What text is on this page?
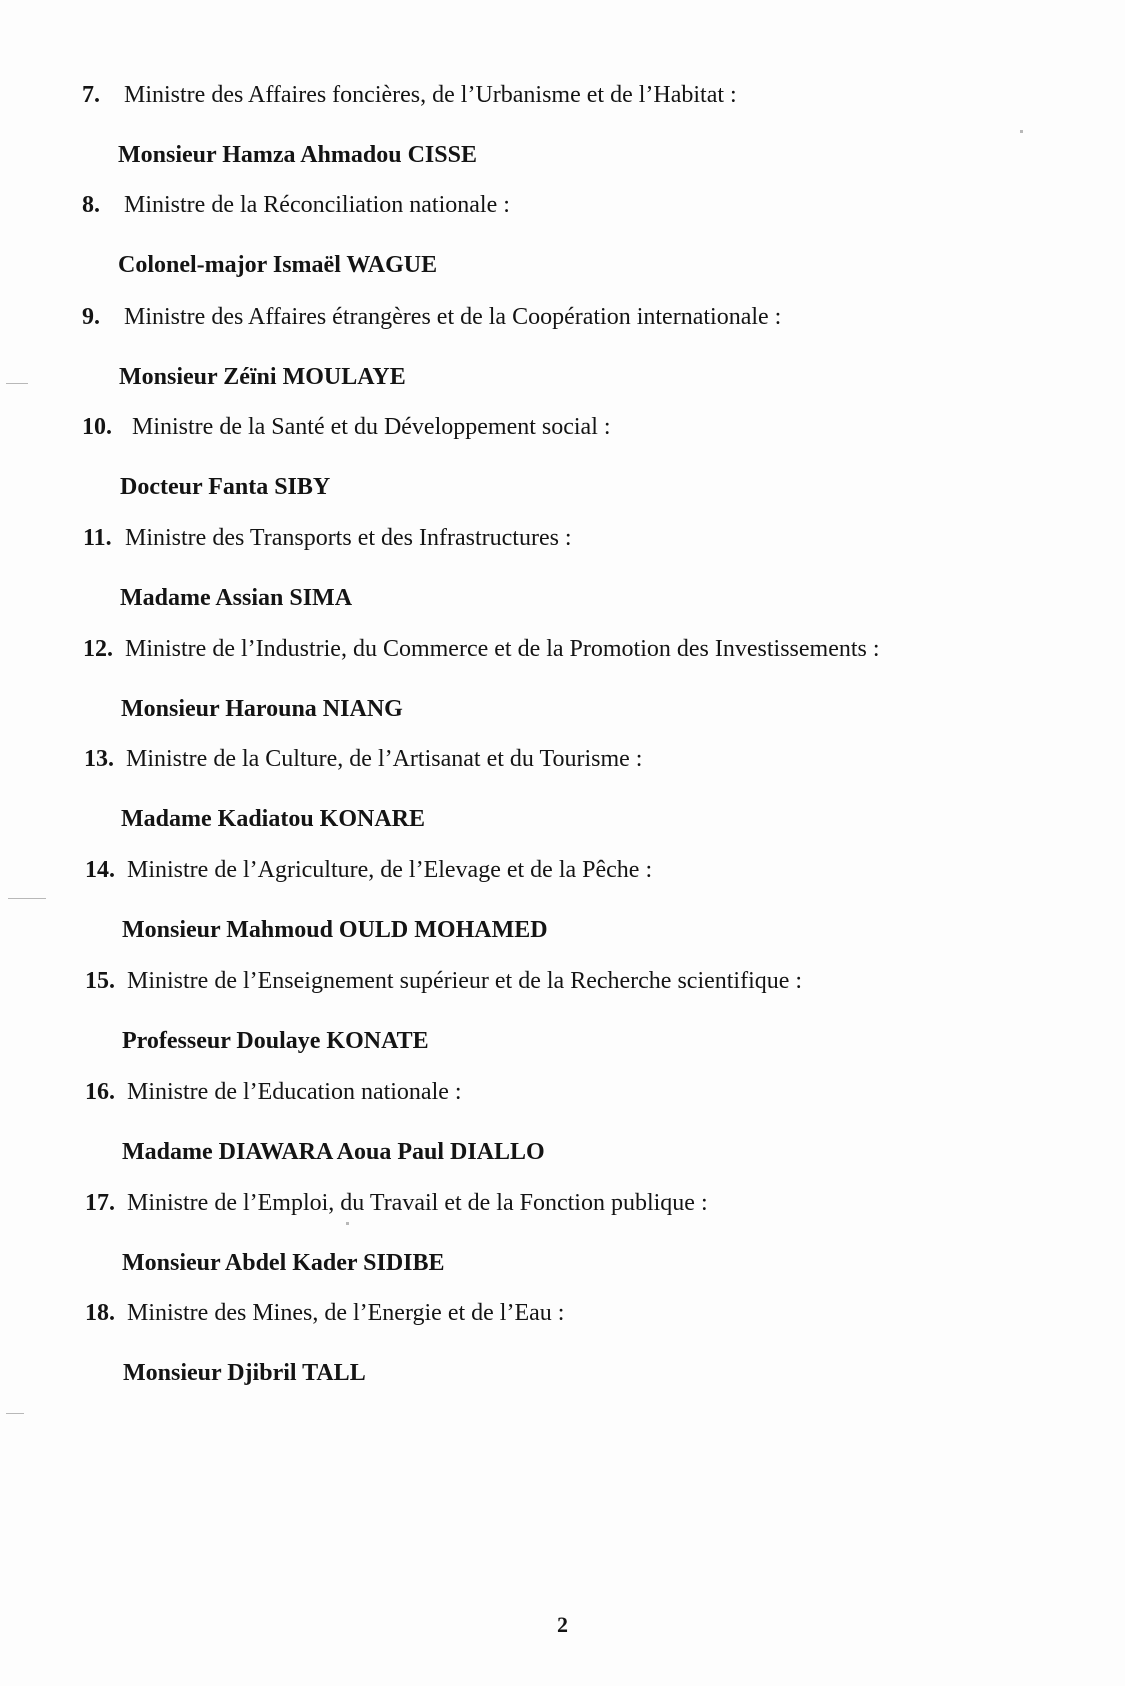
7. Ministre des Affaires foncières, de l’Urbanisme et de l’Habitat :
Monsieur Hamza Ahmadou CISSE
8. Ministre de la Réconciliation nationale :
Colonel-major Ismaël WAGUE
9. Ministre des Affaires étrangères et de la Coopération internationale :
Monsieur Zéïni MOULAYE
10. Ministre de la Santé et du Développement social :
Docteur Fanta SIBY
11. Ministre des Transports et des Infrastructures :
Madame Assian SIMA
12. Ministre de l’Industrie, du Commerce et de la Promotion des Investissements :
Monsieur Harouna NIANG
13. Ministre de la Culture, de l’Artisanat et du Tourisme :
Madame Kadiatou KONARE
14. Ministre de l’Agriculture, de l’Elevage et de la Pêche :
Monsieur Mahmoud OULD MOHAMED
15. Ministre de l’Enseignement supérieur et de la Recherche scientifique :
Professeur Doulaye KONATE
16. Ministre de l’Education nationale :
Madame DIAWARA Aoua Paul DIALLO
17. Ministre de l’Emploi, du Travail et de la Fonction publique :
Monsieur Abdel Kader SIDIBE
18. Ministre des Mines, de l’Energie et de l’Eau :
Monsieur Djibril TALL
2
